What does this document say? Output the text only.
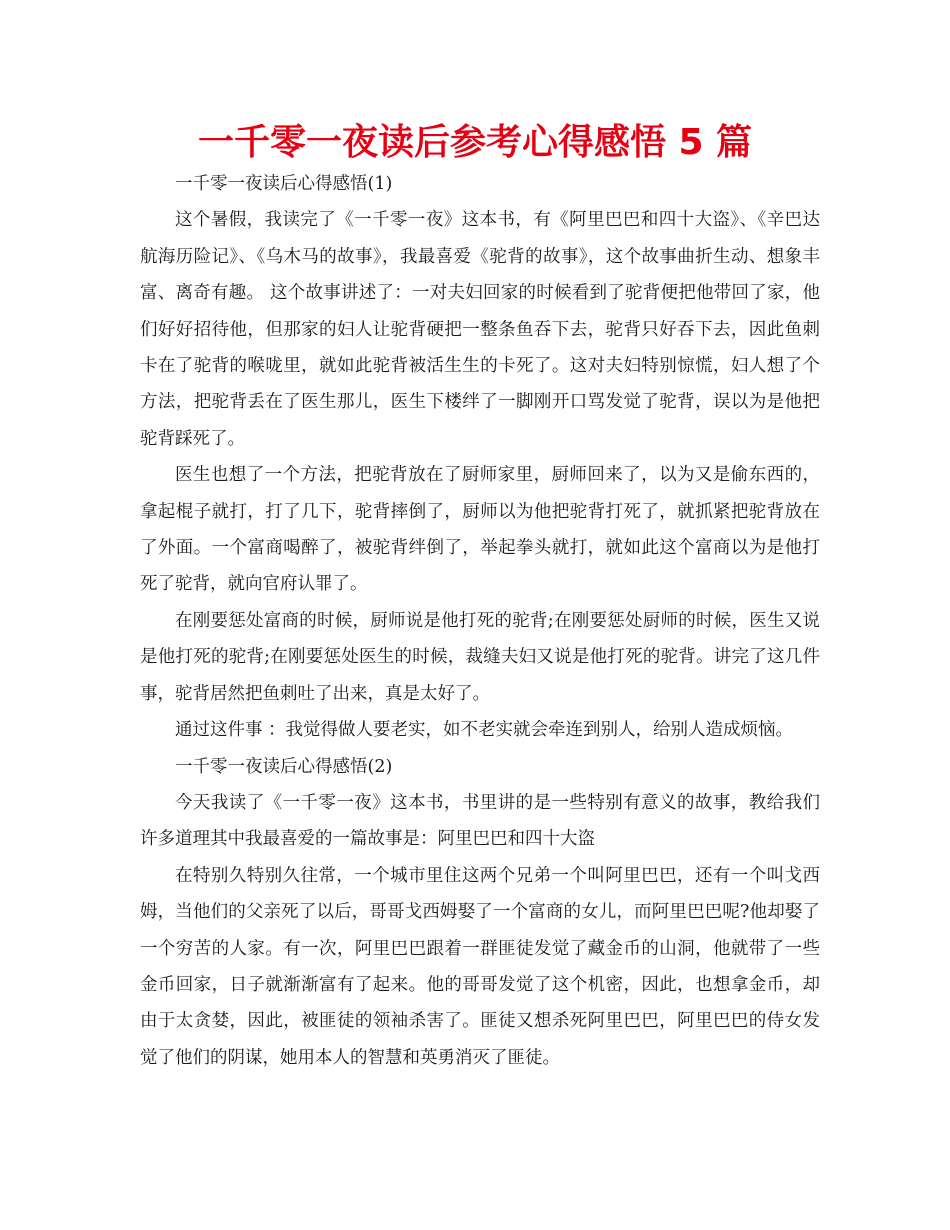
一千零一夜读后参考心得感悟 5 篇

一千零一夜读后心得感悟(1)

这个暑假，我读完了《一千零一夜》这本书，有《阿里巴巴和四十大盗》、《辛巴达航海历险记》、《乌木马的故事》，我最喜爱《驼背的故事》，这个故事曲折生动、想象丰富、离奇有趣。 这个故事讲述了：一对夫妇回家的时候看到了驼背便把他带回了家，他们好好招待他，但那家的妇人让驼背硬把一整条鱼吞下去，驼背只好吞下去，因此鱼刺卡在了驼背的喉咙里，就如此驼背被活生生的卡死了。这对夫妇特别惊慌，妇人想了个方法，把驼背丢在了医生那儿，医生下楼绊了一脚刚开口骂发觉了驼背，误以为是他把驼背踩死了。

医生也想了一个方法，把驼背放在了厨师家里，厨师回来了，以为又是偷东西的，拿起棍子就打，打了几下，驼背摔倒了，厨师以为他把驼背打死了，就抓紧把驼背放在了外面。一个富商喝醉了，被驼背绊倒了，举起拳头就打，就如此这个富商以为是他打死了驼背，就向官府认罪了。

在刚要惩处富商的时候，厨师说是他打死的驼背;在刚要惩处厨师的时候，医生又说是他打死的驼背;在刚要惩处医生的时候，裁缝夫妇又说是他打死的驼背。讲完了这几件事，驼背居然把鱼刺吐了出来，真是太好了。

通过这件事 ：我觉得做人要老实，如不老实就会牵连到别人，给别人造成烦恼。

一千零一夜读后心得感悟(2)

今天我读了《一千零一夜》这本书，书里讲的是一些特别有意义的故事，教给我们许多道理其中我最喜爱的一篇故事是：阿里巴巴和四十大盗

在特别久特别久往常，一个城市里住这两个兄弟一个叫阿里巴巴，还有一个叫戈西姆，当他们的父亲死了以后，哥哥戈西姆娶了一个富商的女儿，而阿里巴巴呢?他却娶了一个穷苦的人家。有一次，阿里巴巴跟着一群匪徒发觉了藏金币的山洞，他就带了一些金币回家，日子就渐渐富有了起来。他的哥哥发觉了这个机密，因此，也想拿金币，却由于太贪婪，因此，被匪徒的领袖杀害了。匪徒又想杀死阿里巴巴，阿里巴巴的侍女发觉了他们的阴谋，她用本人的智慧和英勇消灭了匪徒。
